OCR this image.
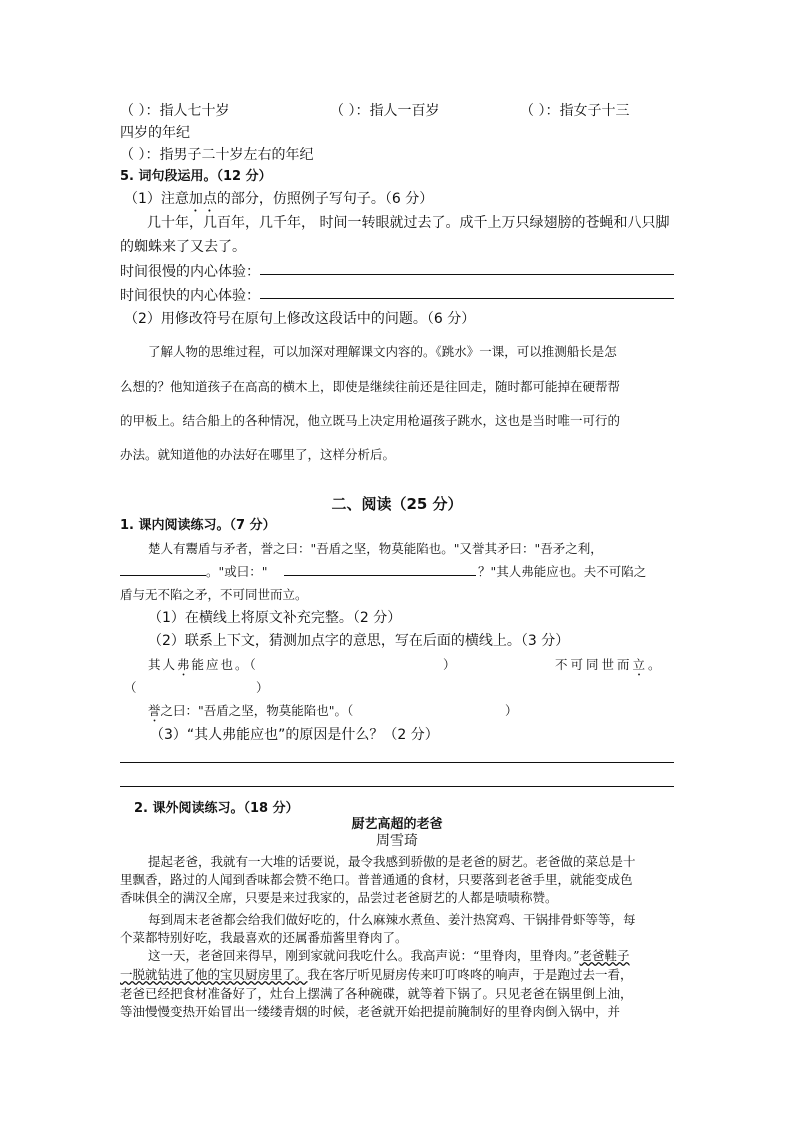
（ ）：指人七十岁	（ ）：指人一百岁	（ ）：指女子十三
四岁的年纪
（ ）：指男子二十岁左右的年纪
5. 词句段运用。（12 分）
（1）注意加点的部分，仿照例子写句子。（6 分）
几十年，几百年，几千年， 时间一转眼就过去了。成千上万只绿翅膀的苍蝇和八只脚
的蜘蛛来了又去了。
时间很慢的内心体验：
时间很快的内心体验：
（2）用修改符号在原句上修改这段话中的问题。（6 分）
了解人物的思维过程，可以加深对理解课文内容的。《跳水》一课，可以推测船长是怎
么想的？他知道孩子在高高的横木上，即使是继续往前还是往回走，随时都可能掉在硬帮帮
的甲板上。结合船上的各种情况，他立既马上决定用枪逼孩子跳水，这也是当时唯一可行的
办法。就知道他的办法好在哪里了，这样分析后。
二、阅读（25 分）
1. 课内阅读练习。（7 分）
楚人有鬻盾与矛者，誉之曰："吾盾之坚，物莫能陷也。"又誉其矛曰："吾矛之利，
。"或曰："	？"其人弗能应也。夫不可陷之
盾与无不陷之矛，不可同世而立。
（1）在横线上将原文补充完整。（2 分）
（2）联系上下文，猜测加点字的意思，写在后面的横线上。（3 分）
其人弗能应也。（	）	不可同世而立。
（	）
誉之曰："吾盾之坚，物莫能陷也"。（	）
（3）“其人弗能应也”的原因是什么？（2 分）
2. 课外阅读练习。（18 分）
厨艺高超的老爸
周雪琦
提起老爸，我就有一大堆的话要说，最令我感到骄傲的是老爸的厨艺。老爸做的菜总是十
里飘香，路过的人闻到香味都会赞不绝口。普普通通的食材，只要落到老爸手里，就能变成色
香味俱全的满汉全席，只要是来过我家的，品尝过老爸厨艺的人都是啧啧称赞。
每到周末老爸都会给我们做好吃的，什么麻辣水煮鱼、姜汁热窝鸡、干锅排骨虾等等，每
个菜都特别好吃，我最喜欢的还属番茄酱里脊肉了。
这一天，老爸回来得早，刚到家就问我吃什么。我高声说：“里脊肉，里脊肉。”老爸鞋子
一脱就钻进了他的宝贝厨房里了。我在客厅听见厨房传来叮叮咚咚的响声，于是跑过去一看，
老爸已经把食材准备好了，灶台上摆满了各种碗碟，就等着下锅了。只见老爸在锅里倒上油，
等油慢慢变热开始冒出一缕缕青烟的时候，老爸就开始把提前腌制好的里脊肉倒入锅中，并
